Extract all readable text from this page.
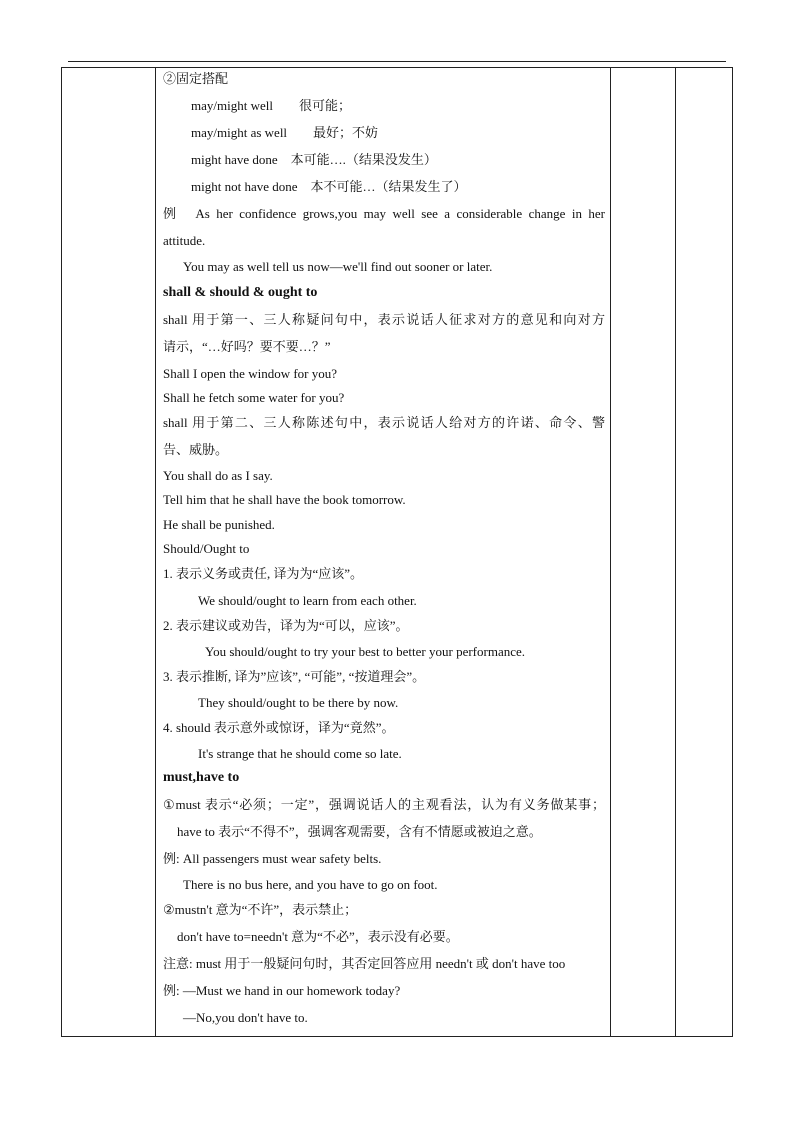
②固定搭配
may/might well　　很可能；
may/might as well　　最好；不妨
might have done　本可能….（结果没发生）
might not have done　本不可能…（结果发生了）
例　As her confidence grows,you may well see a considerable change in her
attitude.
You may as well tell us now—we'll find out sooner or later.
shall & should & ought to
shall 用于第一、三人称疑问句中，表示说话人征求对方的意见和向对方
请示，“…好吗？要不要…？”
Shall I open the window for you?
Shall he fetch some water for you?
shall 用于第二、三人称陈述句中，表示说话人给对方的许诺、命令、警
告、威胁。
You shall do as I say.
Tell him that he shall have the book tomorrow.
He shall be punished.
Should/Ought to
1. 表示义务或责任, 译为为“应该”。
We should/ought to learn from each other.
2. 表示建议或劝告，译为为“可以，应该”。
You should/ought to try your best to better your performance.
3. 表示推断, 译为”应该”, “可能”, “按道理会”。
They should/ought to be there by now.
4. should 表示意外或惊讶，译为“竟然”。
It's strange that he should come so late.
must,have to
①must 表示“必须；一定”，强调说话人的主观看法，认为有义务做某事；
have to 表示“不得不”，强调客观需要，含有不情愿或被迫之意。
例: All passengers must wear safety belts.
There is no bus here, and you have to go on foot.
②mustn't 意为“不许”，表示禁止；
don't have to=needn't 意为“不必”，表示没有必要。
注意: must 用于一般疑问句时，其否定回答应用 needn't 或 don't have too
例: —Must we hand in our homework today?
—No,you don't have to.
